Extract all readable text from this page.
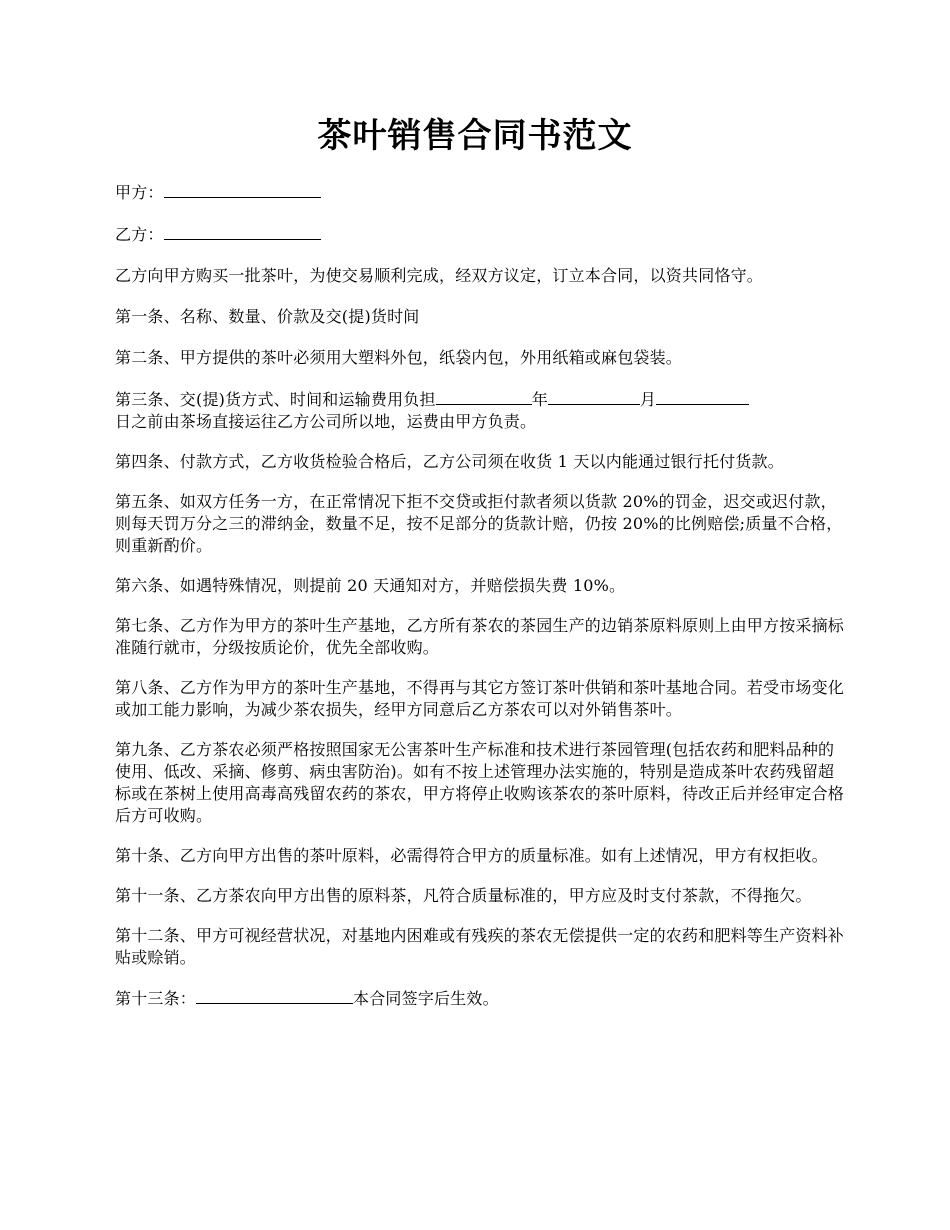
茶叶销售合同书范文

甲方：

乙方：

乙方向甲方购买一批茶叶，为使交易顺利完成，经双方议定，订立本合同，以资共同恪守。

第一条、名称、数量、价款及交(提)货时间

第二条、甲方提供的茶叶必须用大塑料外包，纸袋内包，外用纸箱或麻包袋装。

第三条、交(提)货方式、时间和运输费用负担	年	月
日之前由茶场直接运往乙方公司所以地，运费由甲方负责。

第四条、付款方式，乙方收货检验合格后，乙方公司须在收货 1 天以内能通过银行托付货款。

第五条、如双方任务一方，在正常情况下拒不交贷或拒付款者须以货款 20%的罚金，迟交或迟付款，则每天罚万分之三的滞纳金，数量不足，按不足部分的货款计赔，仍按 20%的比例赔偿;质量不合格，则重新酌价。

第六条、如遇特殊情况，则提前 20 天通知对方，并赔偿损失费 10%。

第七条、乙方作为甲方的茶叶生产基地，乙方所有茶农的茶园生产的边销茶原料原则上由甲方按采摘标准随行就市，分级按质论价，优先全部收购。

第八条、乙方作为甲方的茶叶生产基地，不得再与其它方签订茶叶供销和茶叶基地合同。若受市场变化或加工能力影响，为减少茶农损失，经甲方同意后乙方茶农可以对外销售茶叶。

第九条、乙方茶农必须严格按照国家无公害茶叶生产标准和技术进行茶园管理(包括农药和肥料品种的使用、低改、采摘、修剪、病虫害防治)。如有不按上述管理办法实施的，特别是造成茶叶农药残留超标或在茶树上使用高毒高残留农药的茶农，甲方将停止收购该茶农的茶叶原料，待改正后并经审定合格后方可收购。

第十条、乙方向甲方出售的茶叶原料，必需得符合甲方的质量标准。如有上述情况，甲方有权拒收。

第十一条、乙方茶农向甲方出售的原料茶，凡符合质量标准的，甲方应及时支付茶款，不得拖欠。

第十二条、甲方可视经营状况，对基地内困难或有残疾的茶农无偿提供一定的农药和肥料等生产资料补贴或赊销。

第十三条：	本合同签字后生效。
